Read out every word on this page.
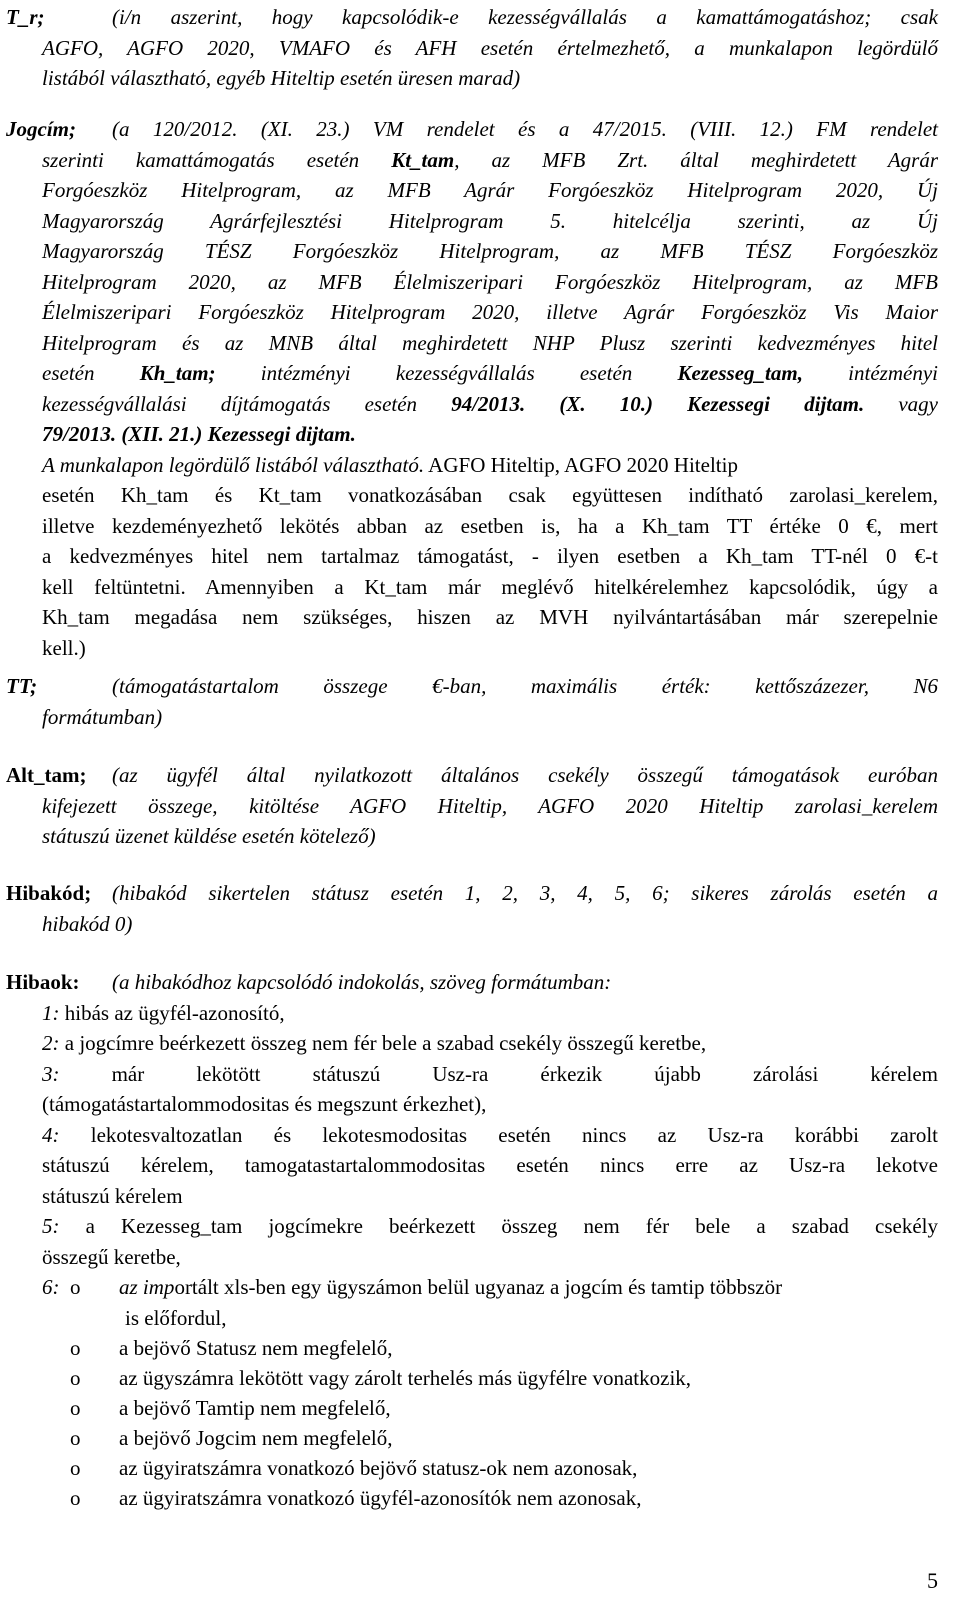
T_r;	(i/n aszerint, hogy kapcsolódik-e kezességvállalás a kamattámogatáshoz; csak
AGFO, AGFO 2020, VMAFO és AFH esetén értelmezhető, a munkalapon legördülő
listából választható, egyéb Hiteltip esetén üresen marad)
Jogcím;	(a 120/2012. (XI. 23.) VM rendelet és a 47/2015. (VIII. 12.) FM rendelet
szerinti kamattámogatás esetén Kt_tam, az MFB Zrt. által meghirdetett Agrár
Forgóeszköz Hitelprogram, az MFB Agrár Forgóeszköz Hitelprogram 2020, Új
Magyarország Agrárfejlesztési Hitelprogram 5. hitelcélja szerinti, az Új
Magyarország TÉSZ Forgóeszköz Hitelprogram, az MFB TÉSZ Forgóeszköz
Hitelprogram 2020, az MFB Élelmiszeripari Forgóeszköz Hitelprogram, az MFB
Élelmiszeripari Forgóeszköz Hitelprogram 2020, illetve Agrár Forgóeszköz Vis Maior
Hitelprogram és az MNB által meghirdetett NHP Plusz szerinti kedvezményes hitel
esetén Kh_tam; intézményi kezességvállalás esetén Kezesseg_tam, intézményi
kezességvállalási díjtámogatás esetén 94/2013. (X. 10.) Kezessegi dijtam. vagy
79/2013. (XII. 21.) Kezessegi dijtam.
A munkalapon legördülő listából választható. AGFO Hiteltip, AGFO 2020 Hiteltip
esetén Kh_tam és Kt_tam vonatkozásában csak együttesen indítható zarolasi_kerelem,
illetve kezdeményezhető lekötés abban az esetben is, ha a Kh_tam TT értéke 0 €, mert
a kedvezményes hitel nem tartalmaz támogatást, - ilyen esetben a Kh_tam TT-nél 0 €-t
kell feltüntetni. Amennyiben a Kt_tam már meglévő hitelkérelemhez kapcsolódik, úgy a
Kh_tam megadása nem szükséges, hiszen az MVH nyilvántartásában már szerepelnie
kell.)
TT;	(támogatástartalom összege €-ban, maximális érték: kettőszázezer, N6
formátumban)
Alt_tam;	(az ügyfél által nyilatkozott általános csekély összegű támogatások euróban
kifejezett összege, kitöltése AGFO Hiteltip, AGFO 2020 Hiteltip zarolasi_kerelem
státuszú üzenet küldése esetén kötelező)
Hibakód; (hibakód sikertelen státusz esetén 1, 2, 3, 4, 5, 6; sikeres zárolás esetén a
hibakód 0)
Hibaok:	(a hibakódhoz kapcsolódó indokolás, szöveg formátumban:
1: hibás az ügyfél-azonosító,
2: a jogcímre beérkezett összeg nem fér bele a szabad csekély összegű keretbe,
3: már lekötött státuszú Usz-ra érkezik újabb zárolási kérelem
(támogatástartalommodositas és megszunt érkezhet),
4: lekotesvaltozatlan és lekotesmodositas esetén nincs az Usz-ra korábbi zarolt
státuszú kérelem, tamogatastartalommodositas esetén nincs erre az Usz-ra lekotve
státuszú kérelem
5: a Kezesseg_tam jogcímekre beérkezett összeg nem fér bele a szabad csekély
összegű keretbe,
6: o	az importált xls-ben egy ügyszámon belül ugyanaz a jogcím és tamtip többször
is előfordul,
o	a bejövő Statusz nem megfelelő,
o	az ügyszámra lekötött vagy zárolt terhelés más ügyfélre vonatkozik,
o	a bejövő Tamtip nem megfelelő,
o	a bejövő Jogcim nem megfelelő,
o	az ügyiratszámra vonatkozó bejövő statusz-ok nem azonosak,
o	az ügyiratszámra vonatkozó ügyfél-azonosítók nem azonosak,
5
